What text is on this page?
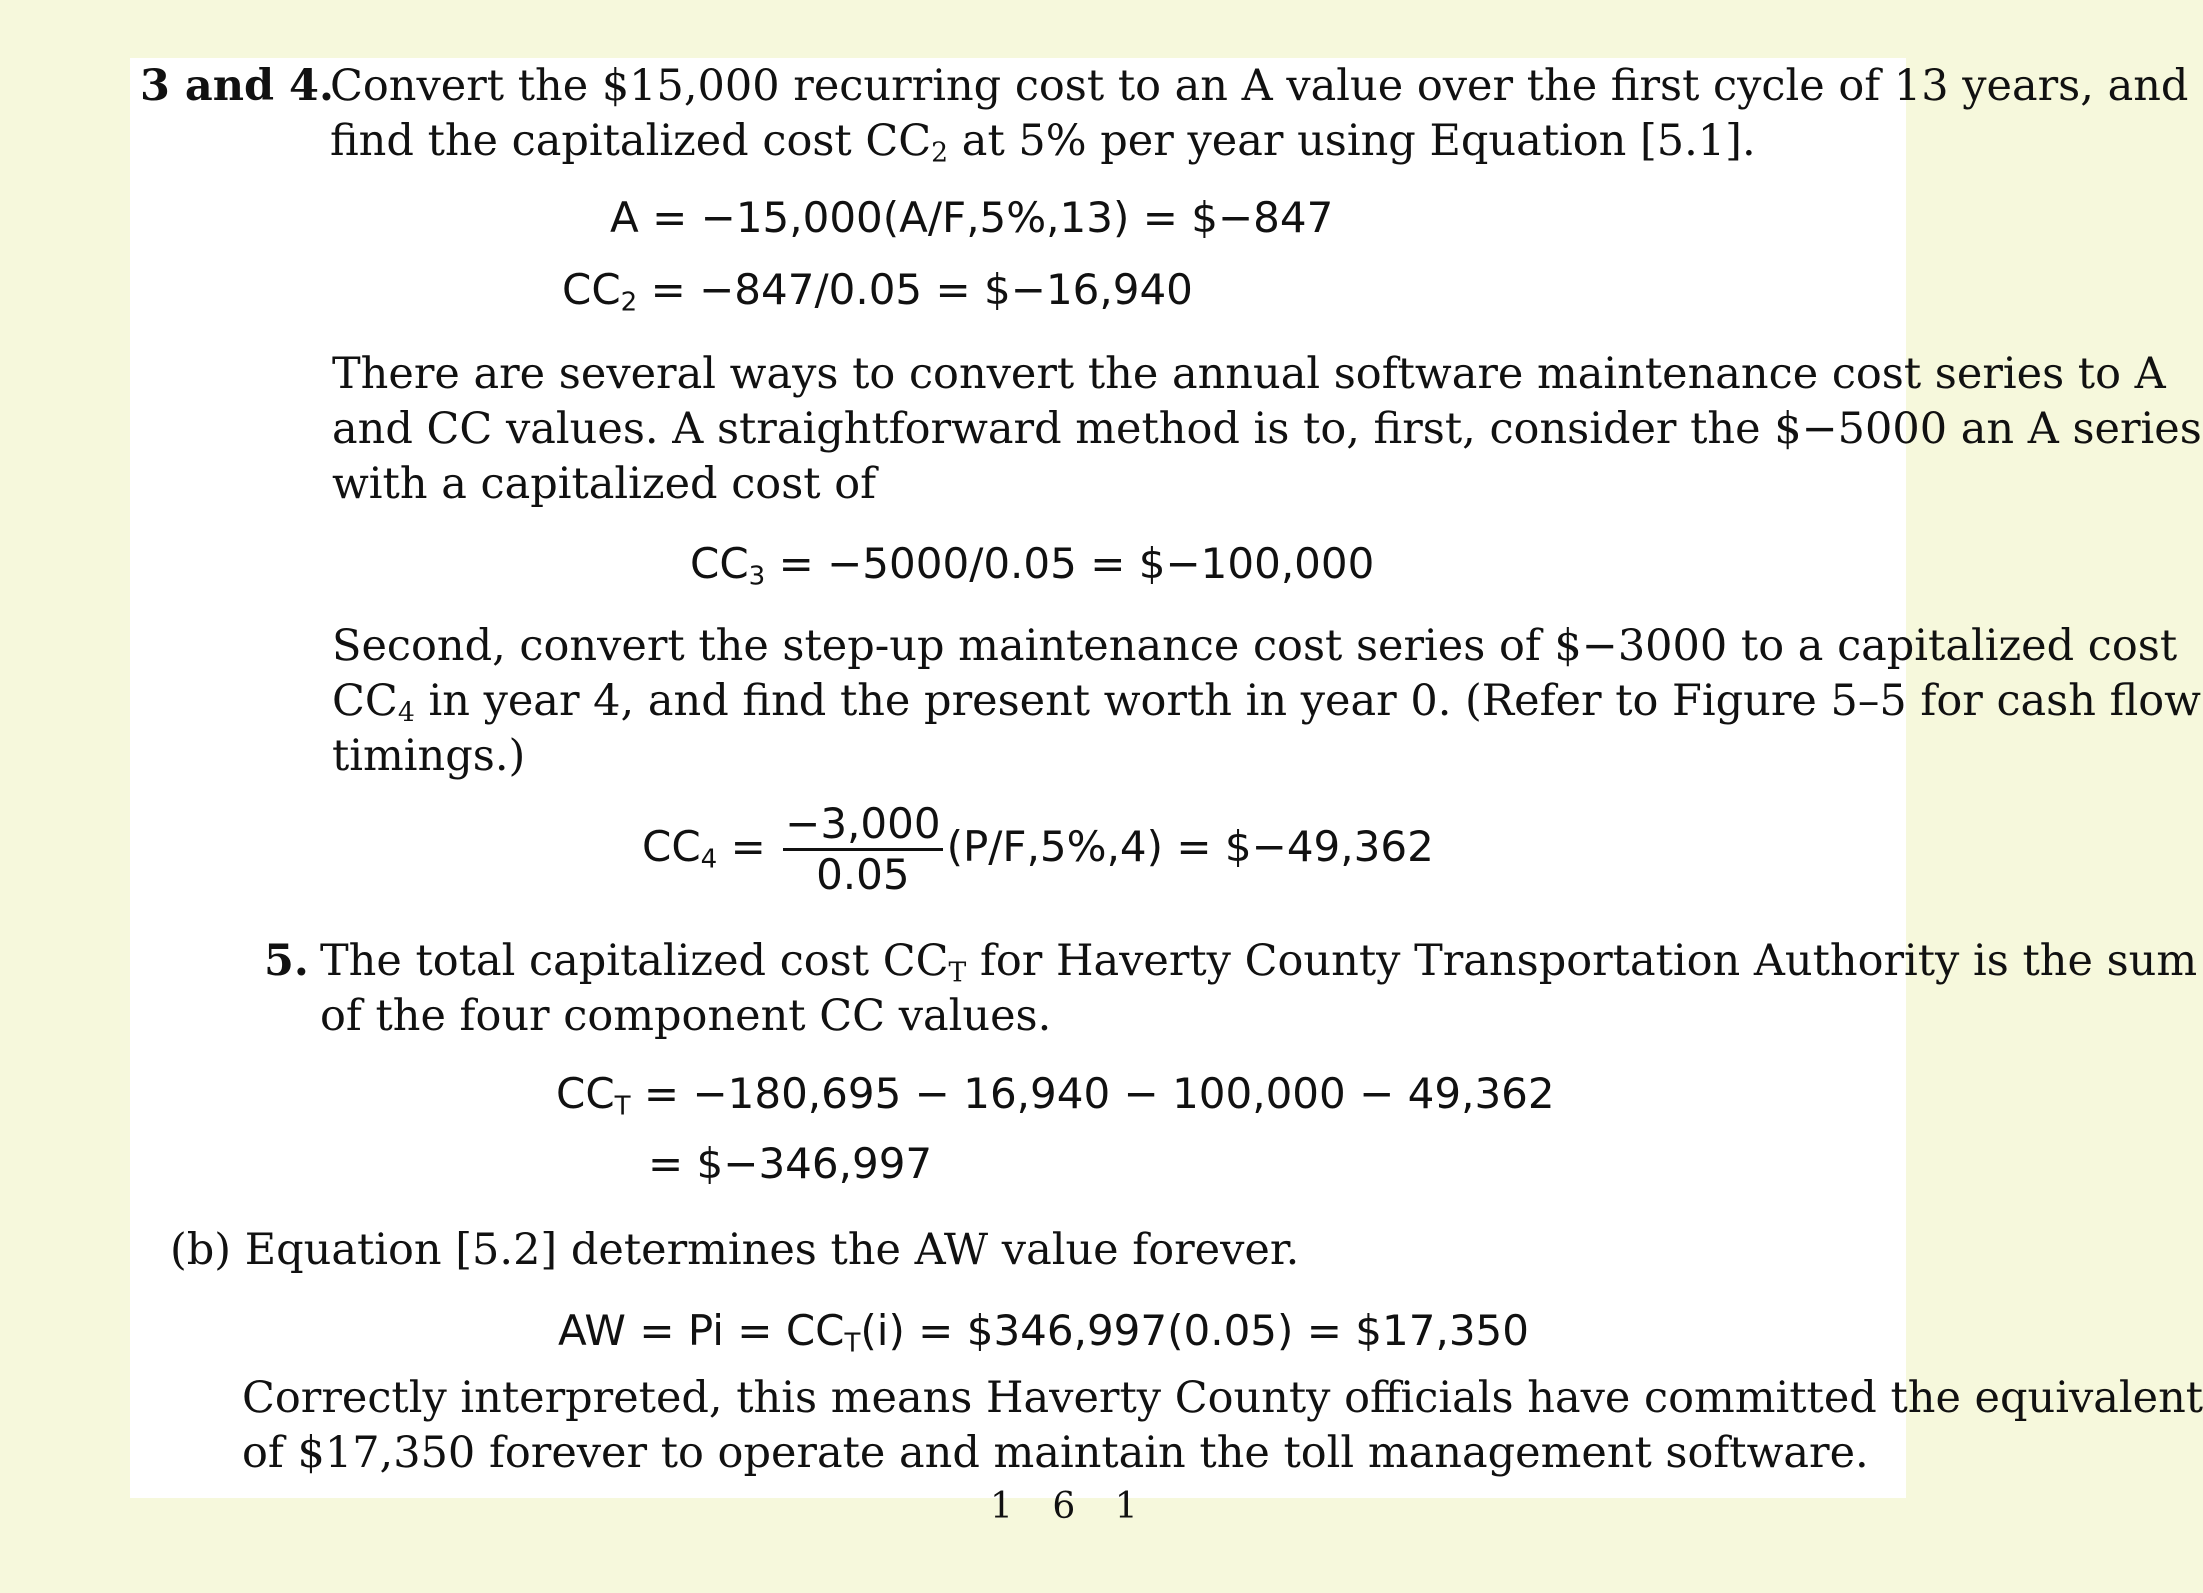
3 and 4.
Convert the $15,000 recurring cost to an A value over the first cycle of 13 years, and
find the capitalized cost $CC_2$ at 5% per year using Equation [5.1].
A = −15,000(A/F,5%,13) = $−847
$CC_2 = -847/0.05$ = $−16,940
There are several ways to convert the annual software maintenance cost series to A
and CC values. A straightforward method is to, first, consider the $−5000 an A series
with a capitalized cost of
$CC_3 = -5000/0.05$ = $−100,000
Second, convert the step-up maintenance cost series of $−3000 to a capitalized cost
$CC_4$ in year 4, and find the present worth in year 0. (Refer to Figure 5–5 for cash flow
timings.)
$CC_4 = \frac{-3,000}{0.05} (P/F,5\%,4)$ = $−49,362
5. The total capitalized cost $CC_T$ for Haverty County Transportation Authority is the sum
of the four component CC values.
$CC_T = -180,695 - 16,940 - 100,000 - 49,362$
= $−346,997
(b) Equation [5.2] determines the AW value forever.
AW = $Pi = CC_T(i)$ = $346,997(0.05) = $17,350
Correctly interpreted, this means Haverty County officials have committed the equivalent
of $17,350 forever to operate and maintain the toll management software.
1 6 1
